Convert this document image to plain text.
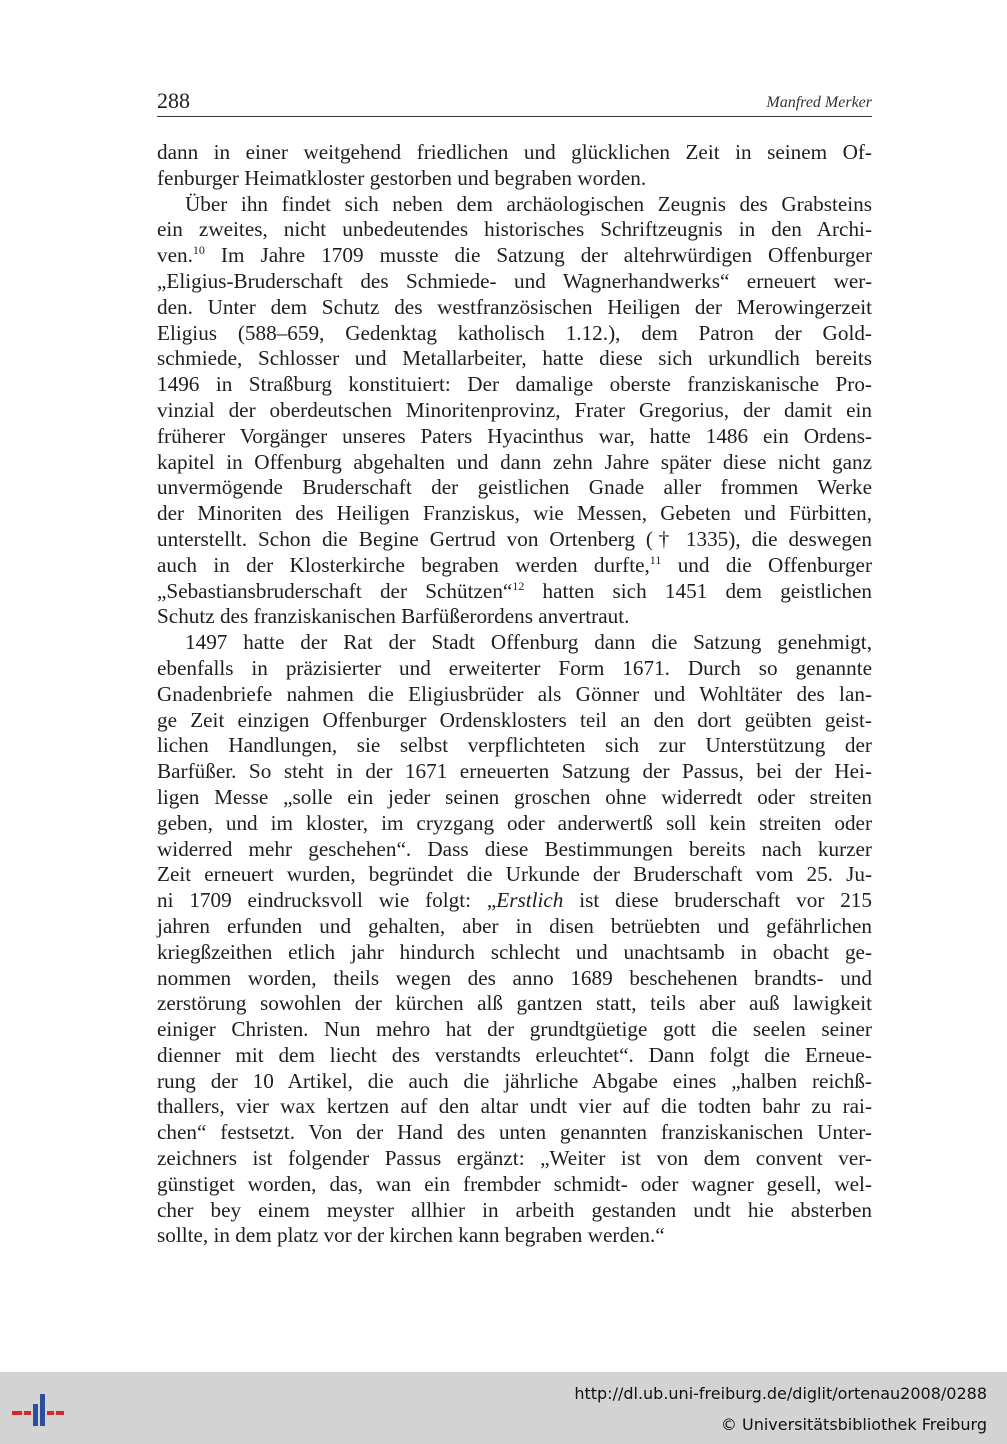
288	Manfred Merker
dann in einer weitgehend friedlichen und glücklichen Zeit in seinem Of-
fenburger Heimatkloster gestorben und begraben worden.
Über ihn findet sich neben dem archäologischen Zeugnis des Grabsteins
ein zweites, nicht unbedeutendes historisches Schriftzeugnis in den Archi-
ven.$^{10}$ Im Jahre 1709 musste die Satzung der altehrwürdigen Offenburger
„Eligius-Bruderschaft des Schmiede- und Wagnerhandwerks“ erneuert wer-
den. Unter dem Schutz des westfranzösischen Heiligen der Merowingerzeit
Eligius (588–659, Gedenktag katholisch 1.12.), dem Patron der Gold-
schmiede, Schlosser und Metallarbeiter, hatte diese sich urkundlich bereits
1496 in Straßburg konstituiert: Der damalige oberste franziskanische Pro-
vinzial der oberdeutschen Minoritenprovinz, Frater Gregorius, der damit ein
früherer Vorgänger unseres Paters Hyacinthus war, hatte 1486 ein Ordens-
kapitel in Offenburg abgehalten und dann zehn Jahre später diese nicht ganz
unvermögende Bruderschaft der geistlichen Gnade aller frommen Werke
der Minoriten des Heiligen Franziskus, wie Messen, Gebeten und Fürbitten,
unterstellt. Schon die Begine Gertrud von Ortenberg († 1335), die deswegen
auch in der Klosterkirche begraben werden durfte,$^{11}$ und die Offenburger
„Sebastiansbruderschaft der Schützen“$^{12}$ hatten sich 1451 dem geistlichen
Schutz des franziskanischen Barfüßerordens anvertraut.
1497 hatte der Rat der Stadt Offenburg dann die Satzung genehmigt,
ebenfalls in präzisierter und erweiterter Form 1671. Durch so genannte
Gnadenbriefe nahmen die Eligiusbrüder als Gönner und Wohltäter des lan-
ge Zeit einzigen Offenburger Ordensklosters teil an den dort geübten geist-
lichen Handlungen, sie selbst verpflichteten sich zur Unterstützung der
Barfüßer. So steht in der 1671 erneuerten Satzung der Passus, bei der Hei-
ligen Messe „solle ein jeder seinen groschen ohne widerredt oder streiten
geben, und im kloster, im cryzgang oder anderwertß soll kein streiten oder
widerred mehr geschehen“. Dass diese Bestimmungen bereits nach kurzer
Zeit erneuert wurden, begründet die Urkunde der Bruderschaft vom 25. Ju-
ni 1709 eindrucksvoll wie folgt: „Erstlich ist diese bruderschaft vor 215
jahren erfunden und gehalten, aber in disen betrüebten und gefährlichen
kriegßzeithen etlich jahr hindurch schlecht und unachtsamb in obacht ge-
nommen worden, theils wegen des anno 1689 beschehenen brandts- und
zerstörung sowohlen der kürchen alß gantzen statt, teils aber auß lawigkeit
einiger Christen. Nun mehro hat der grundtgüetige gott die seelen seiner
dienner mit dem liecht des verstandts erleuchtet“. Dann folgt die Erneue-
rung der 10 Artikel, die auch die jährliche Abgabe eines „halben reichß-
thallers, vier wax kertzen auf den altar undt vier auf die todten bahr zu rai-
chen“ festsetzt. Von der Hand des unten genannten franziskanischen Unter-
zeichners ist folgender Passus ergänzt: „Weiter ist von dem convent ver-
günstiget worden, das, wan ein frembder schmidt- oder wagner gesell, wel-
cher bey einem meyster allhier in arbeith gestanden undt hie absterben
sollte, in dem platz vor der kirchen kann begraben werden.“
http://dl.ub.uni-freiburg.de/diglit/ortenau2008/0288
© Universitätsbibliothek Freiburg
